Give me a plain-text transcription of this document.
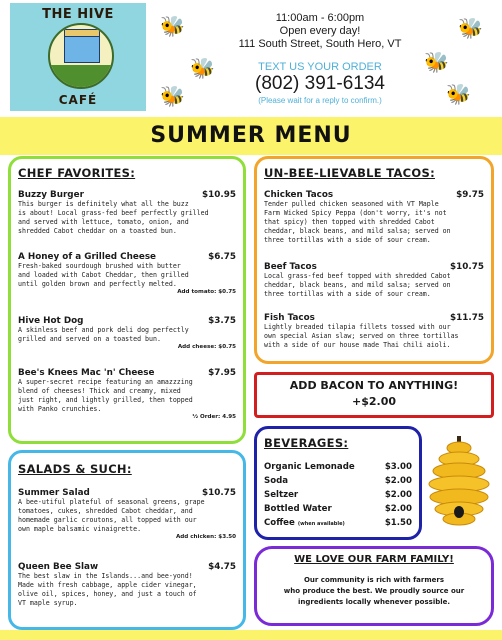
THE HIVE
CAFÉ
11:00am - 6:00pm
Open every day!
111 South Street, South Hero, VT
TEXT US YOUR ORDER
(802) 391-6134
(Please wait for a reply to confirm.)
🐝
🐝
🐝
🐝
🐝
🐝
SUMMER MENU
CHEF FAVORITES:
Buzzy Burger	$10.95
This burger is definitely what all the buzz
is about! Local grass-fed beef perfectly grilled
and served with lettuce, tomato, onion, and
shredded Cabot cheddar on a toasted bun.
A Honey of a Grilled Cheese	$6.75
Fresh-baked sourdough brushed with butter
and loaded with Cabot Cheddar, then grilled
until golden brown and perfectly melted.
Add tomato: $0.75
Hive Hot Dog	$3.75
A skinless beef and pork deli dog perfectly
grilled and served on a toasted bun.
Add cheese: $0.75
Bee's Knees Mac 'n' Cheese	$7.95
A super-secret recipe featuring an amazzzing
blend of cheeses! Thick and creamy, mixed
just right, and lightly grilled, then topped
with Panko crunchies.
½ Order: 4.95
UN-BEE-LIEVABLE TACOS:
Chicken Tacos	$9.75
Tender pulled chicken seasoned with VT Maple
Farm Wicked Spicy Peppa (don't worry, it's not
that spicy) then topped with shredded Cabot
cheddar, black beans, and mild salsa; served on
three tortillas with a side of sour cream.
Beef Tacos	$10.75
Local grass-fed beef topped with shredded Cabot
cheddar, black beans, and mild salsa; served on
three tortillas with a side of sour cream.
Fish Tacos	$11.75
Lightly breaded tilapia fillets tossed with our
own special Asian slaw; served on three tortillas
with a side of our house made Thai chili aioli.
ADD BACON TO ANYTHING!
+$2.00
SALADS & SUCH:
Summer Salad	$10.75
A bee-utiful plateful of seasonal greens, grape
tomatoes, cukes, shredded Cabot cheddar, and
homemade garlic croutons, all topped with our
own maple balsamic vinaigrette.
Add chicken: $3.50
Queen Bee Slaw	$4.75
The best slaw in the Islands...and bee-yond!
Made with fresh cabbage, apple cider vinegar,
olive oil, spices, honey, and just a touch of
VT maple syrup.
BEVERAGES:
Organic Lemonade	$3.00
Soda	$2.00
Seltzer	$2.00
Bottled Water	$2.00
Coffee (when available)	$1.50
WE LOVE OUR FARM FAMILY!
Our community is rich with farmers
who produce the best. We proudly source our
ingredients locally whenever possible.
